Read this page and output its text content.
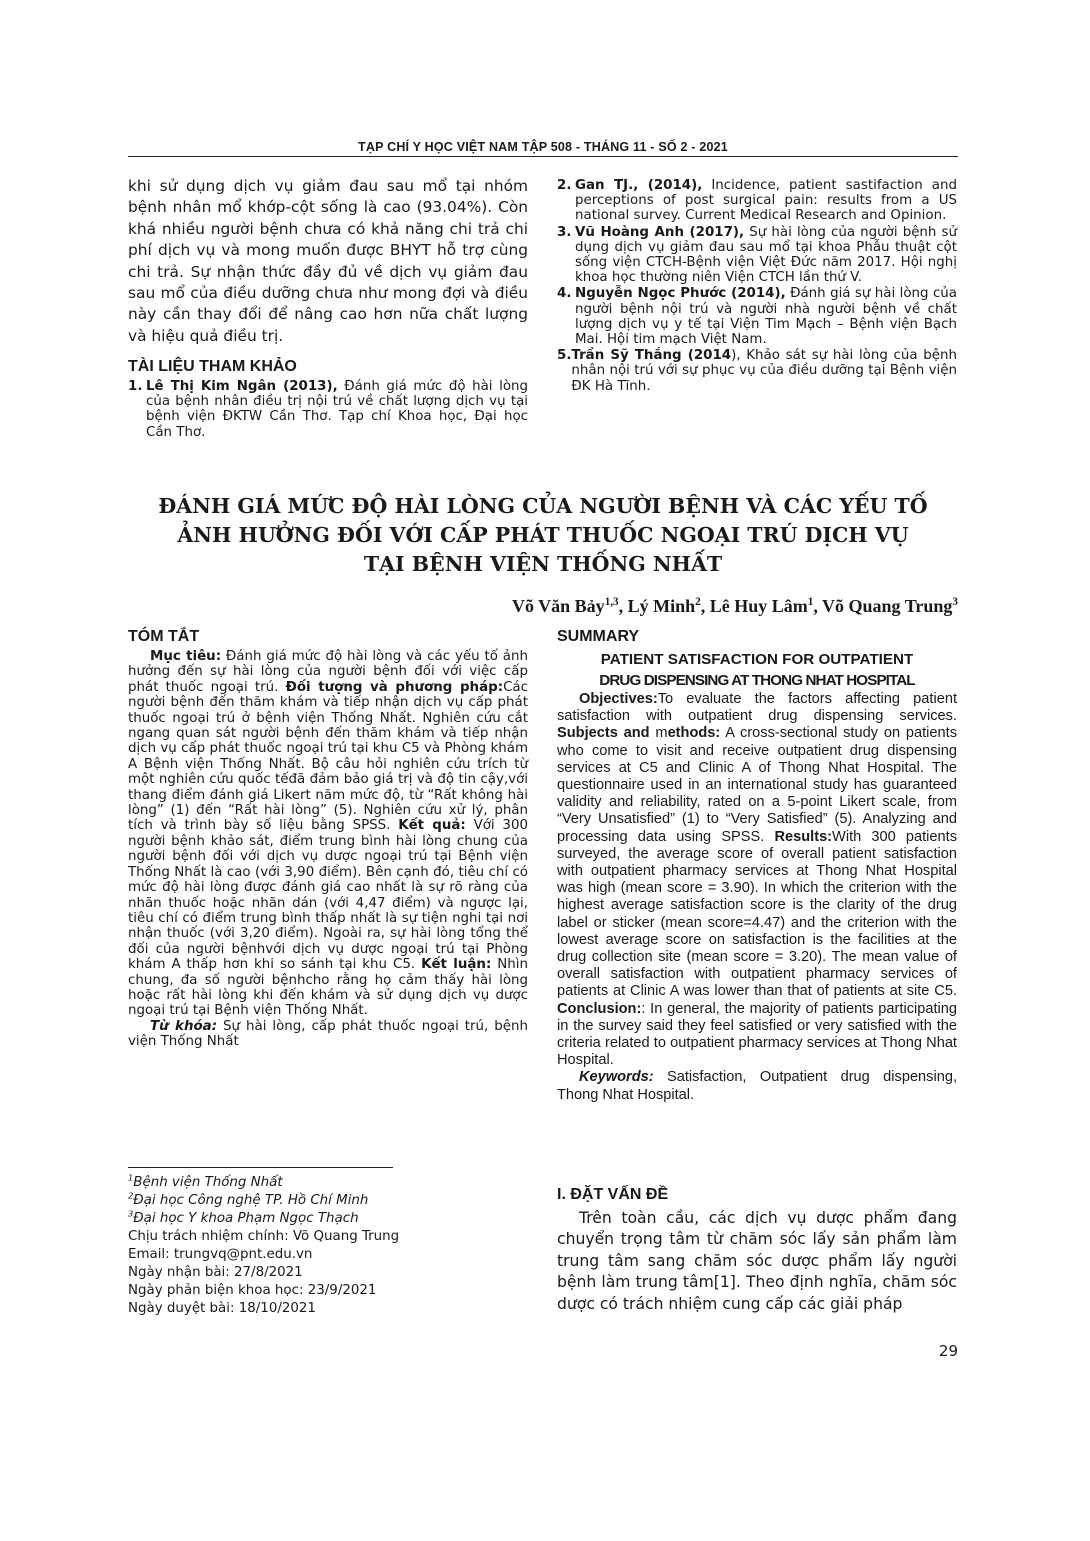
TẠP CHÍ Y HỌC VIỆT NAM TẬP 508 - THÁNG 11 - SỐ 2 - 2021

khi sử dụng dịch vụ giảm đau sau mổ tại nhóm bệnh nhân mổ khớp-cột sống là cao (93.04%). Còn khá nhiều người bệnh chưa có khả năng chi trả chi phí dịch vụ và mong muốn được BHYT hỗ trợ cùng chi trả. Sự nhận thức đầy đủ về dịch vụ giảm đau sau mổ của điều dưỡng chưa như mong đợi và điều này cần thay đổi để nâng cao hơn nữa chất lượng và hiệu quả điều trị.

TÀI LIỆU THAM KHẢO

1. Lê Thị Kim Ngân (2013), Đánh giá mức độ hài lòng của bệnh nhân điều trị nội trú về chất lượng dịch vụ tại bệnh viện ĐKTW Cần Thơ. Tạp chí Khoa học, Đại học Cần Thơ.
2. Gan TJ., (2014), Incidence, patient sastifaction and perceptions of post surgical pain: results from a US national survey. Current Medical Research and Opinion.
3. Vũ Hoàng Anh (2017), Sự hài lòng của người bệnh sử dụng dịch vụ giảm đau sau mổ tại khoa Phẫu thuật cột sống viện CTCH-Bệnh viện Việt Đức năm 2017. Hội nghị khoa học thường niên Viện CTCH lần thứ V.
4. Nguyễn Ngọc Phước (2014), Đánh giá sự hài lòng của người bệnh nội trú và người nhà người bệnh về chất lượng dịch vụ y tế tại Viện Tim Mạch – Bệnh viện Bạch Mai. Hội tim mạch Việt Nam.
5. Trần Sỹ Thắng (2014), Khảo sát sự hài lòng của bệnh nhân nội trú với sự phục vụ của điều dưỡng tại Bệnh viện ĐK Hà Tĩnh.
ĐÁNH GIÁ MỨC ĐỘ HÀI LÒNG CỦA NGƯỜI BỆNH VÀ CÁC YẾU TỐ
ẢNH HƯỞNG ĐỐI VỚI CẤP PHÁT THUỐC NGOẠI TRÚ DỊCH VỤ
TẠI BỆNH VIỆN THỐNG NHẤT
Võ Văn Bảy$^{1,3}$, Lý Minh$^2$, Lê Huy Lâm$^1$, Võ Quang Trung$^3$

TÓM TẮT

Mục tiêu: Đánh giá mức độ hài lòng và các yếu tố ảnh hưởng đến sự hài lòng của người bệnh đối với việc cấp phát thuốc ngoại trú. Đối tượng và phương pháp:Các người bệnh đến thăm khám và tiếp nhận dịch vụ cấp phát thuốc ngoại trú ở bệnh viện Thống Nhất. Nghiên cứu cắt ngang quan sát người bệnh đến thăm khám và tiếp nhận dịch vụ cấp phát thuốc ngoại trú tại khu C5 và Phòng khám A Bệnh viện Thống Nhất. Bộ câu hỏi nghiên cứu trích từ một nghiên cứu quốc tếđã đảm bảo giá trị và độ tin cậy,với thang điểm đánh giá Likert năm mức độ, từ “Rất không hài lòng” (1) đến “Rất hài lòng” (5). Nghiên cứu xử lý, phân tích và trình bày số liệu bằng SPSS. Kết quả: Với 300 người bệnh khảo sát, điểm trung bình hài lòng chung của người bệnh đối với dịch vụ dược ngoại trú tại Bệnh viện Thống Nhất là cao (với 3,90 điểm). Bên cạnh đó, tiêu chí có mức độ hài lòng được đánh giá cao nhất là sự rõ ràng của nhãn thuốc hoặc nhãn dán (với 4,47 điểm) và ngược lại, tiêu chí có điểm trung bình thấp nhất là sự tiện nghi tại nơi nhận thuốc (với 3,20 điểm). Ngoài ra, sự hài lòng tổng thể đối của người bệnhvới dịch vụ dược ngoại trú tại Phòng khám A thấp hơn khi so sánh tại khu C5. Kết luận: Nhìn chung, đa số người bệnhcho rằng họ cảm thấy hài lòng hoặc rất hài lòng khi đến khám và sử dụng dịch vụ dược ngoại trú tại Bệnh viện Thống Nhất.

Từ khóa: Sự hài lòng, cấp phát thuốc ngoại trú, bệnh viện Thống Nhất

$^1$Bệnh viện Thống Nhất

$^2$Đại học Công nghệ TP. Hồ Chí Minh

$^3$Đại học Y khoa Phạm Ngọc Thạch

Chịu trách nhiệm chính: Võ Quang Trung

Email: trungvq@pnt.edu.vn

Ngày nhận bài: 27/8/2021

Ngày phản biện khoa học: 23/9/2021

Ngày duyệt bài: 18/10/2021

SUMMARY

PATIENT SATISFACTION FOR OUTPATIENT

DRUG DISPENSING AT THONG NHAT HOSPITAL

Objectives:To evaluate the factors affecting patient satisfaction with outpatient drug dispensing services. Subjects and methods: A cross-sectional study on patients who come to visit and receive outpatient drug dispensing services at C5 and Clinic A of Thong Nhat Hospital. The questionnaire used in an international study has guaranteed validity and reliability, rated on a 5-point Likert scale, from “Very Unsatisfied” (1) to “Very Satisfied” (5). Analyzing and processing data using SPSS. Results:With 300 patients surveyed, the average score of overall patient satisfaction with outpatient pharmacy services at Thong Nhat Hospital was high (mean score = 3.90). In which the criterion with the highest average satisfaction score is the clarity of the drug label or sticker (mean score=4.47) and the criterion with the lowest average score on satisfaction is the facilities at the drug collection site (mean score = 3.20). The mean value of overall satisfaction with outpatient pharmacy services of patients at Clinic A was lower than that of patients at site C5. Conclusion:: In general, the majority of patients participating in the survey said they feel satisfied or very satisfied with the criteria related to outpatient pharmacy services at Thong Nhat Hospital.

Keywords: Satisfaction, Outpatient drug dispensing, Thong Nhat Hospital.

I. ĐẶT VẤN ĐỀ

Trên toàn cầu, các dịch vụ dược phẩm đang chuyển trọng tâm từ chăm sóc lấy sản phẩm làm trung tâm sang chăm sóc dược phẩm lấy người bệnh làm trung tâm[1]. Theo định nghĩa, chăm sóc dược có trách nhiệm cung cấp các giải pháp

29
